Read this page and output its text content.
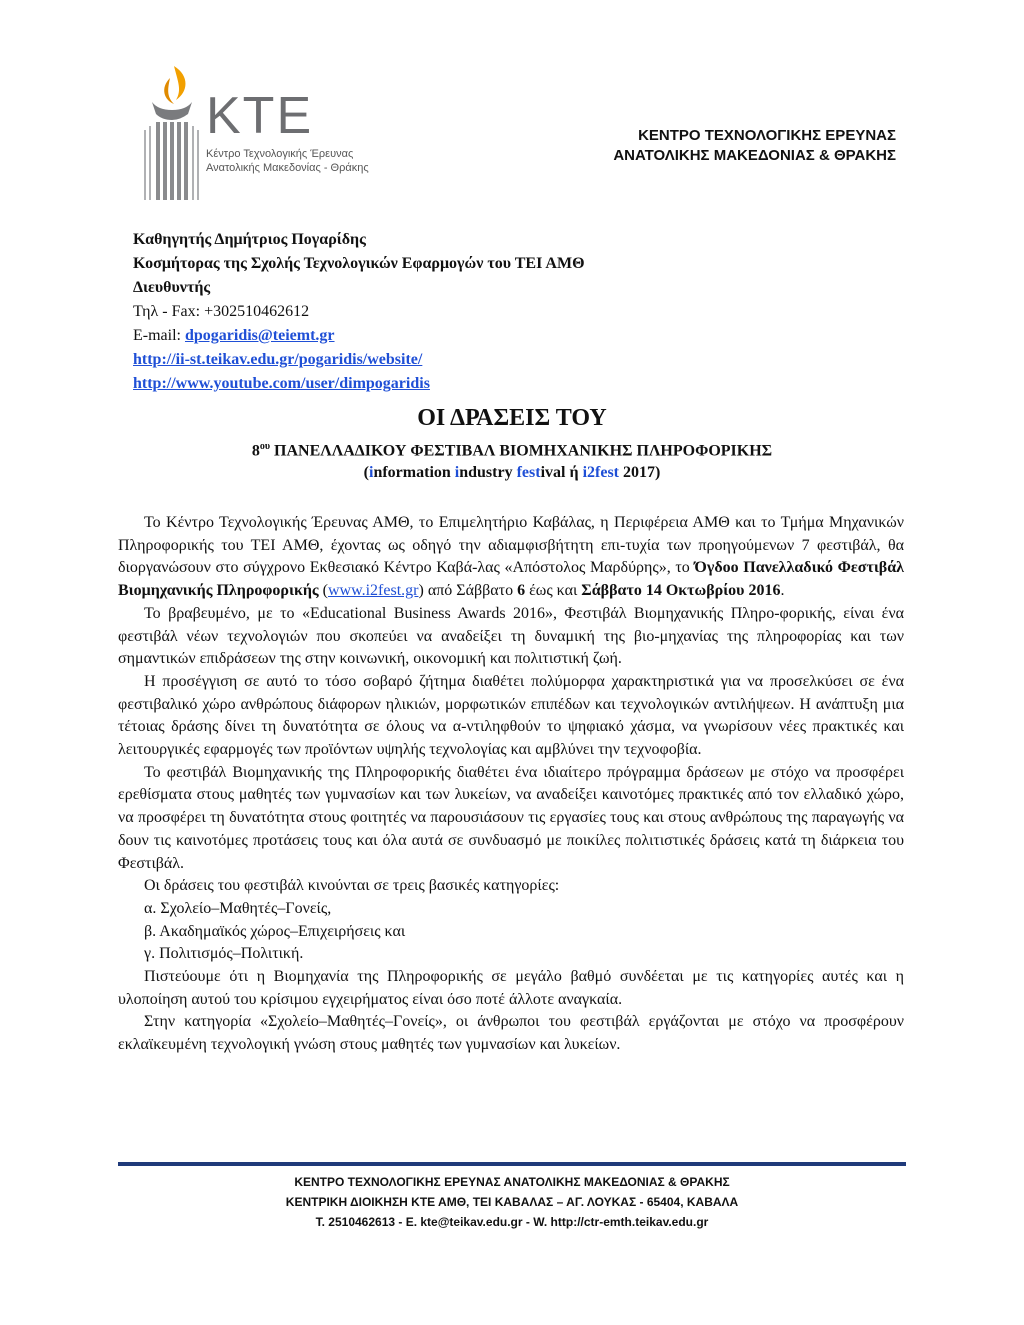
KTE
Κέντρο Τεχνολογικής Έρευνας
Ανατολικής Μακεδονίας - Θράκης
ΚΕΝΤΡΟ ΤΕΧΝΟΛΟΓΙΚΗΣ ΕΡΕΥΝΑΣ
ΑΝΑΤΟΛΙΚΗΣ ΜΑΚΕΔΟΝΙΑΣ & ΘΡΑΚΗΣ
Καθηγητής Δημήτριος Πογαρίδης
Κοσμήτορας της Σχολής Τεχνολογικών Εφαρμογών του ΤΕΙ ΑΜΘ
Διευθυντής
Τηλ - Fax: +302510462612
E-mail: dpogaridis@teiemt.gr
http://ii-st.teikav.edu.gr/pogaridis/website/
http://www.youtube.com/user/dimpogaridis
ΟΙ ΔΡΑΣΕΙΣ ΤΟΥ
$8^{o\upsilon}$ ΠΑΝΕΛΛΑΔΙΚΟΥ ΦΕΣΤΙΒΑΛ ΒΙΟΜΗΧΑΝΙΚΗΣ ΠΛΗΡΟΦΟΡΙΚΗΣ
(information industry festival ή i2fest 2017)

Το Κέντρο Τεχνολογικής Έρευνας ΑΜΘ, το Επιμελητήριο Καβάλας, η Περιφέρεια ΑΜΘ και το Τμήμα Μηχανικών Πληροφορικής του ΤΕΙ ΑΜΘ, έχοντας ως οδηγό την αδιαμφισβήτητη επι-τυχία των προηγούμενων 7 φεστιβάλ, θα διοργανώσουν στο σύγχρονο Εκθεσιακό Κέντρο Καβά-λας «Απόστολος Μαρδύρης», το Όγδοο Πανελλαδικό Φεστιβάλ Βιομηχανικής Πληροφορικής (www.i2fest.gr) από Σάββατο 6 έως και Σάββατο 14 Οκτωβρίου 2016.

Το βραβευμένο, με το «Educational Business Awards 2016», Φεστιβάλ Βιομηχανικής Πληρο-φορικής, είναι ένα φεστιβάλ νέων τεχνολογιών που σκοπεύει να αναδείξει τη δυναμική της βιο-μηχανίας της πληροφορίας και των σημαντικών επιδράσεων της στην κοινωνική, οικονομική και πολιτιστική ζωή.

Η προσέγγιση σε αυτό το τόσο σοβαρό ζήτημα διαθέτει πολύμορφα χαρακτηριστικά για να προσελκύσει σε ένα φεστιβαλικό χώρο ανθρώπους διάφορων ηλικιών, μορφωτικών επιπέδων και τεχνολογικών αντιλήψεων. Η ανάπτυξη μια τέτοιας δράσης δίνει τη δυνατότητα σε όλους να α-ντιληφθούν το ψηφιακό χάσμα, να γνωρίσουν νέες πρακτικές και λειτουργικές εφαρμογές των προϊόντων υψηλής τεχνολογίας και αμβλύνει την τεχνοφοβία.

Το φεστιβάλ Βιομηχανικής της Πληροφορικής διαθέτει ένα ιδιαίτερο πρόγραμμα δράσεων με στόχο να προσφέρει ερεθίσματα στους μαθητές των γυμνασίων και των λυκείων, να αναδείξει καινοτόμες πρακτικές από τον ελλαδικό χώρο, να προσφέρει τη δυνατότητα στους φοιτητές να παρουσιάσουν τις εργασίες τους και στους ανθρώπους της παραγωγής να δουν τις καινοτόμες προτάσεις τους και όλα αυτά σε συνδυασμό με ποικίλες πολιτιστικές δράσεις κατά τη διάρκεια του Φεστιβάλ.

Οι δράσεις του φεστιβάλ κινούνται σε τρεις βασικές κατηγορίες:

α. Σχολείο–Μαθητές–Γονείς,

β. Ακαδημαϊκός χώρος–Επιχειρήσεις και

γ. Πολιτισμός–Πολιτική.

Πιστεύουμε ότι η Βιομηχανία της Πληροφορικής σε μεγάλο βαθμό συνδέεται με τις κατηγορίες αυτές και η υλοποίηση αυτού του κρίσιμου εγχειρήματος είναι όσο ποτέ άλλοτε αναγκαία.

Στην κατηγορία «Σχολείο–Μαθητές–Γονείς», οι άνθρωποι του φεστιβάλ εργάζονται με στόχο να προσφέρουν εκλαϊκευμένη τεχνολογική γνώση στους μαθητές των γυμνασίων και λυκείων.

ΚΕΝΤΡΟ ΤΕΧΝΟΛΟΓΙΚΗΣ ΕΡΕΥΝΑΣ ΑΝΑΤΟΛΙΚΗΣ ΜΑΚΕΔΟΝΙΑΣ & ΘΡΑΚΗΣ
ΚΕΝΤΡΙΚΗ ΔΙΟΙΚΗΣΗ ΚΤΕ ΑΜΘ, ΤΕΙ ΚΑΒΑΛΑΣ – ΑΓ. ΛΟΥΚΑΣ - 65404, ΚΑΒΑΛΑ
Τ. 2510462613 - E. kte@teikav.edu.gr - W. http://ctr-emth.teikav.edu.gr
